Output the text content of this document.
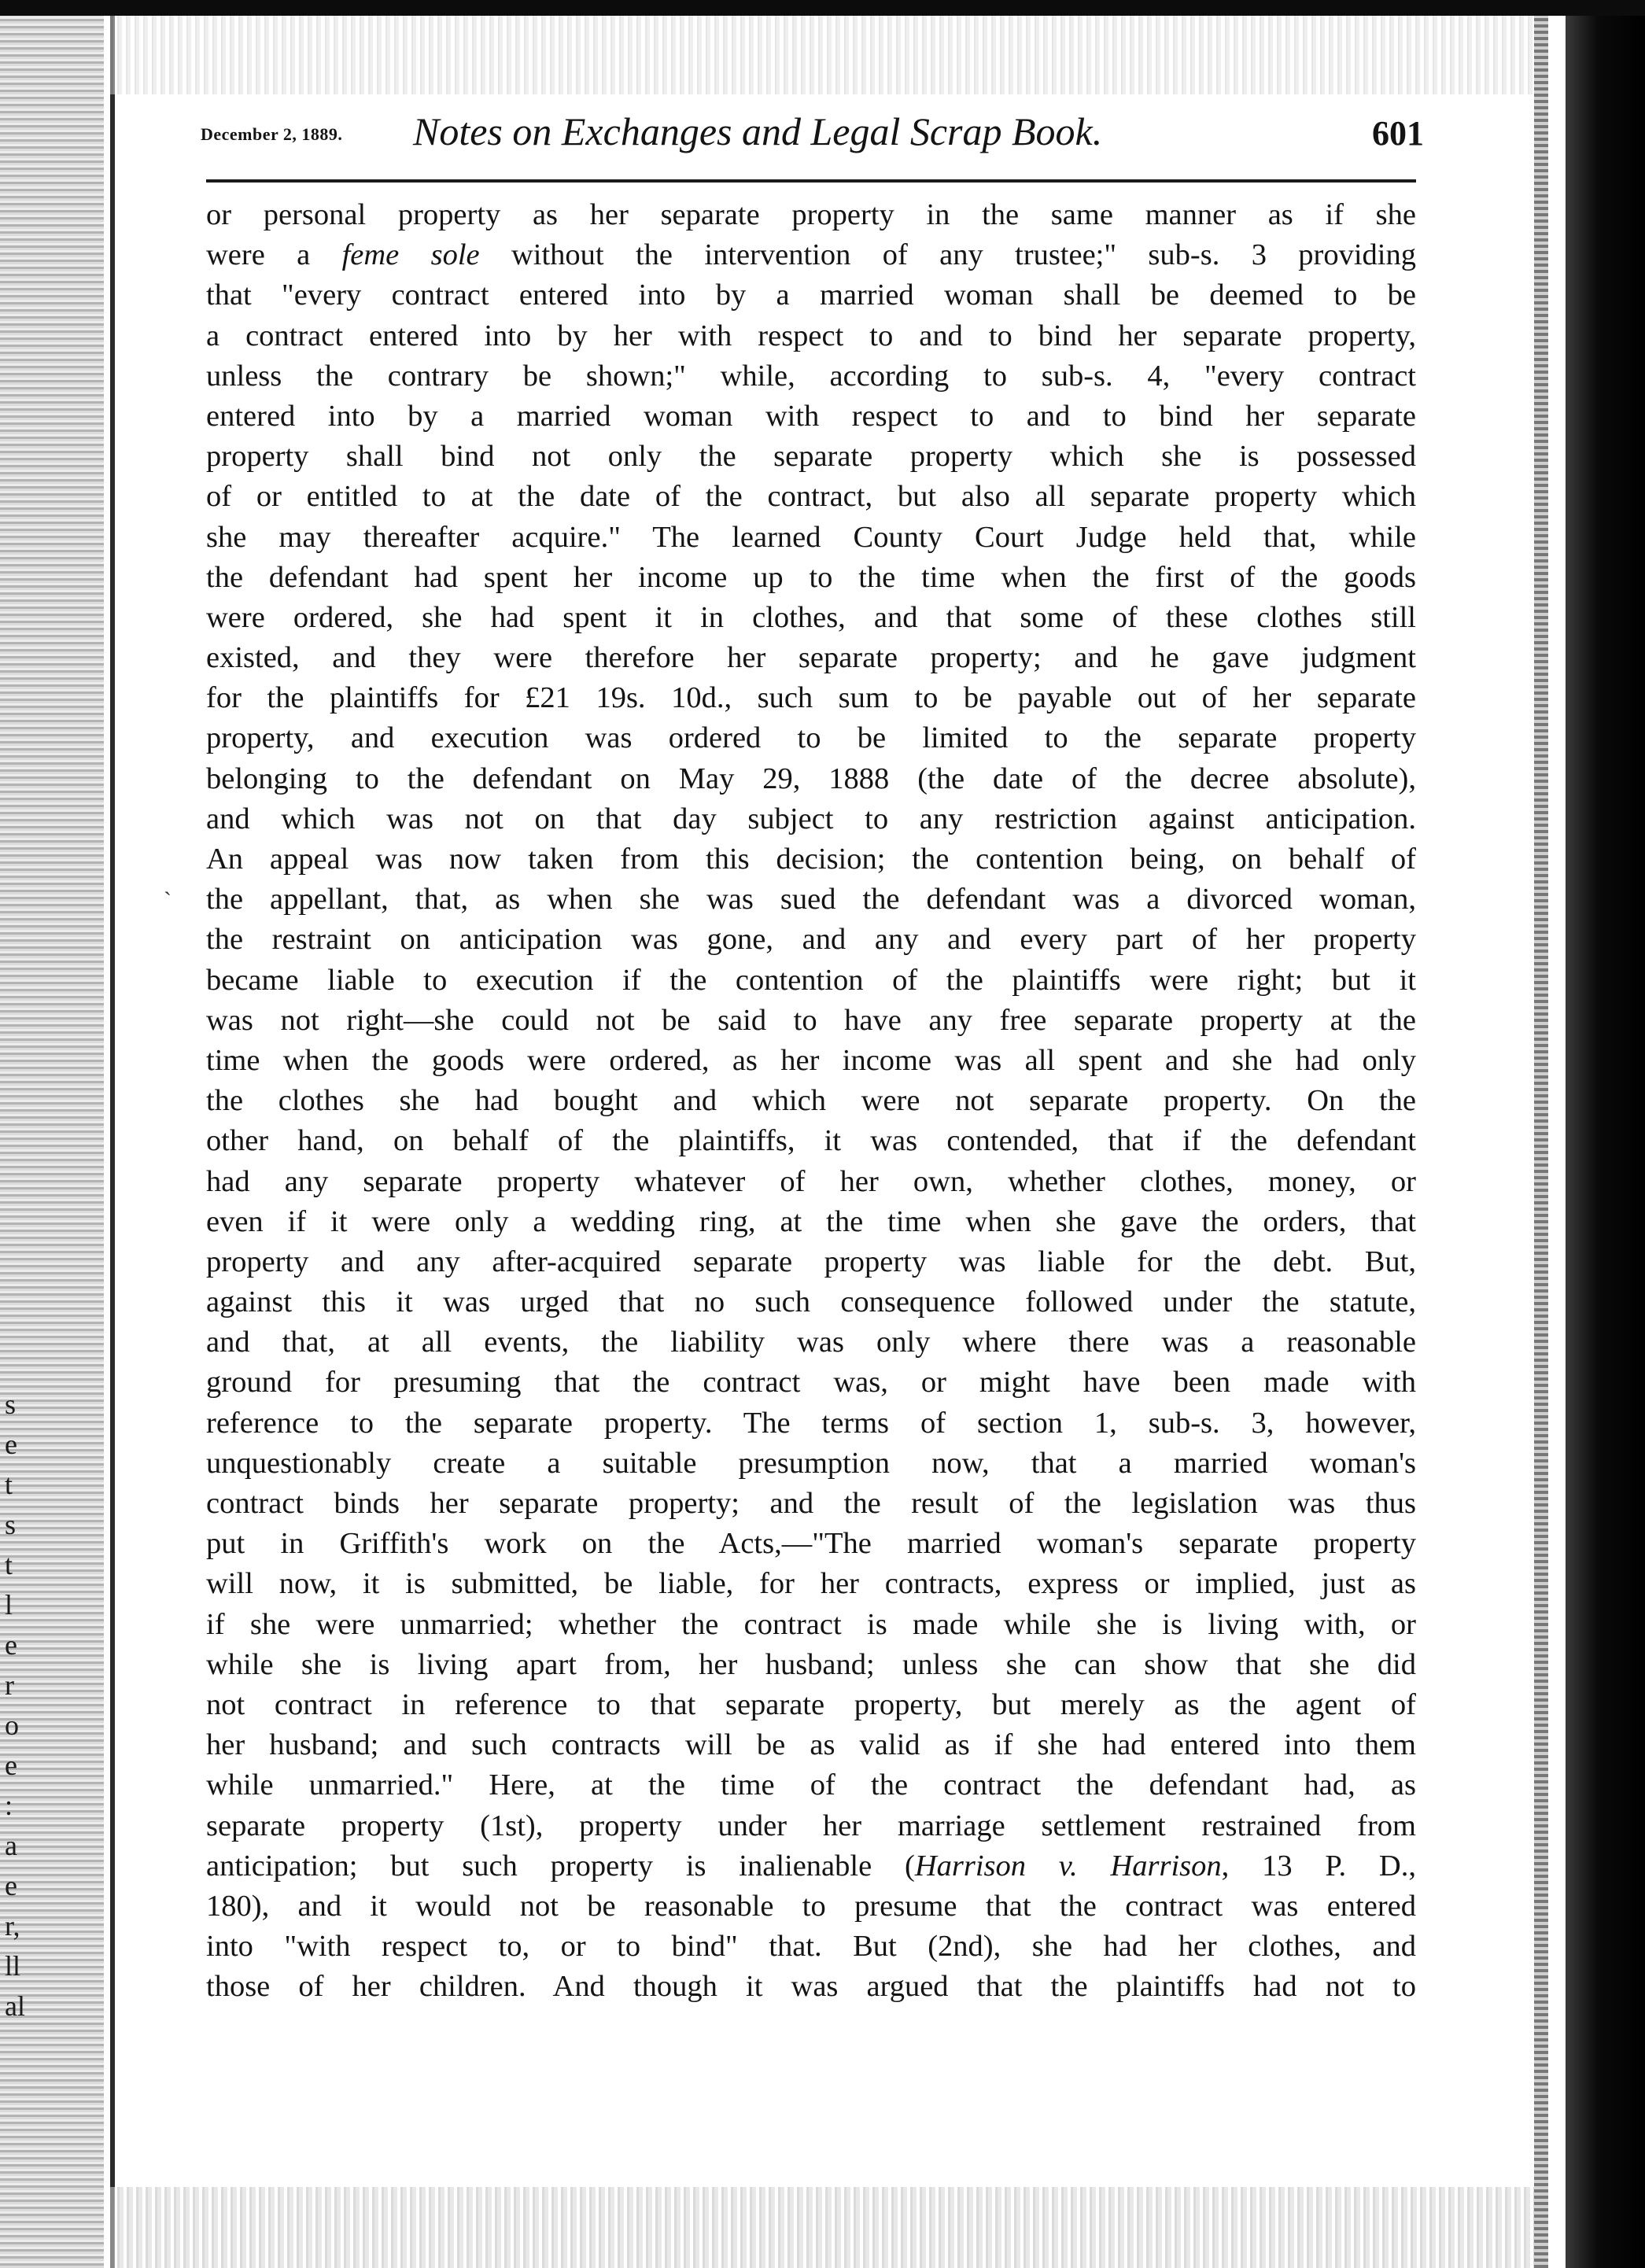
s
e
t
s
t
l
e
r
o
e
:
a
e
r,
ll
al
December 2, 1889. Notes on Exchanges and Legal Scrap Book.	601
`
or personal property as her separate property in the same manner as if she
were a feme sole without the intervention of any trustee;" sub-s. 3 providing
that "every contract entered into by a married woman shall be deemed to be
a contract entered into by her with respect to and to bind her separate property,
unless the contrary be shown;" while, according to sub-s. 4, "every contract
entered into by a married woman with respect to and to bind her separate
property shall bind not only the separate property which she is possessed
of or entitled to at the date of the contract, but also all separate property which
she may thereafter acquire." The learned County Court Judge held that, while
the defendant had spent her income up to the time when the first of the goods
were ordered, she had spent it in clothes, and that some of these clothes still
existed, and they were therefore her separate property; and he gave judgment
for the plaintiffs for £21 19s. 10d., such sum to be payable out of her separate
property, and execution was ordered to be limited to the separate property
belonging to the defendant on May 29, 1888 (the date of the decree absolute),
and which was not on that day subject to any restriction against anticipation.
An appeal was now taken from this decision; the contention being, on behalf of
the appellant, that, as when she was sued the defendant was a divorced woman,
the restraint on anticipation was gone, and any and every part of her property
became liable to execution if the contention of the plaintiffs were right; but it
was not right—she could not be said to have any free separate property at the
time when the goods were ordered, as her income was all spent and she had only
the clothes she had bought and which were not separate property. On the
other hand, on behalf of the plaintiffs, it was contended, that if the defendant
had any separate property whatever of her own, whether clothes, money, or
even if it were only a wedding ring, at the time when she gave the orders, that
property and any after-acquired separate property was liable for the debt. But,
against this it was urged that no such consequence followed under the statute,
and that, at all events, the liability was only where there was a reasonable
ground for presuming that the contract was, or might have been made with
reference to the separate property. The terms of section 1, sub-s. 3, however,
unquestionably create a suitable presumption now, that a married woman's
contract binds her separate property; and the result of the legislation was thus
put in Griffith's work on the Acts,—"The married woman's separate property
will now, it is submitted, be liable, for her contracts, express or implied, just as
if she were unmarried; whether the contract is made while she is living with, or
while she is living apart from, her husband; unless she can show that she did
not contract in reference to that separate property, but merely as the agent of
her husband; and such contracts will be as valid as if she had entered into them
while unmarried." Here, at the time of the contract the defendant had, as
separate property (1st), property under her marriage settlement restrained from
anticipation; but such property is inalienable (Harrison v. Harrison, 13 P. D.,
180), and it would not be reasonable to presume that the contract was entered
into "with respect to, or to bind" that. But (2nd), she had her clothes, and
those of her children. And though it was argued that the plaintiffs had not to
